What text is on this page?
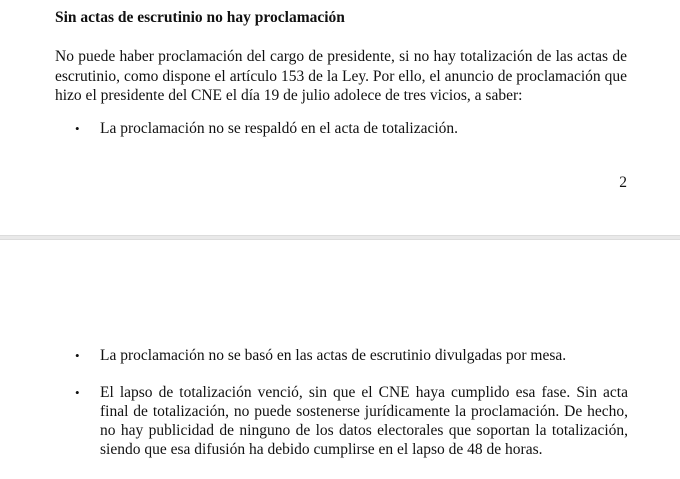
Sin actas de escrutinio no hay proclamación

No puede haber proclamación del cargo de presidente, si no hay totalización de las actas de escrutinio, como dispone el artículo 153 de la Ley. Por ello, el anuncio de proclamación que hizo el presidente del CNE el día 19 de julio adolece de tres vicios, a saber:

•	La proclamación no se respaldó en el acta de totalización.

2
•	La proclamación no se basó en las actas de escrutinio divulgadas por mesa.

•	El lapso de totalización venció, sin que el CNE haya cumplido esa fase. Sin acta final de totalización, no puede sostenerse jurídicamente la proclamación. De hecho, no hay publicidad de ninguno de los datos electorales que soportan la totalización, siendo que esa difusión ha debido cumplirse en el lapso de 48 de horas.
